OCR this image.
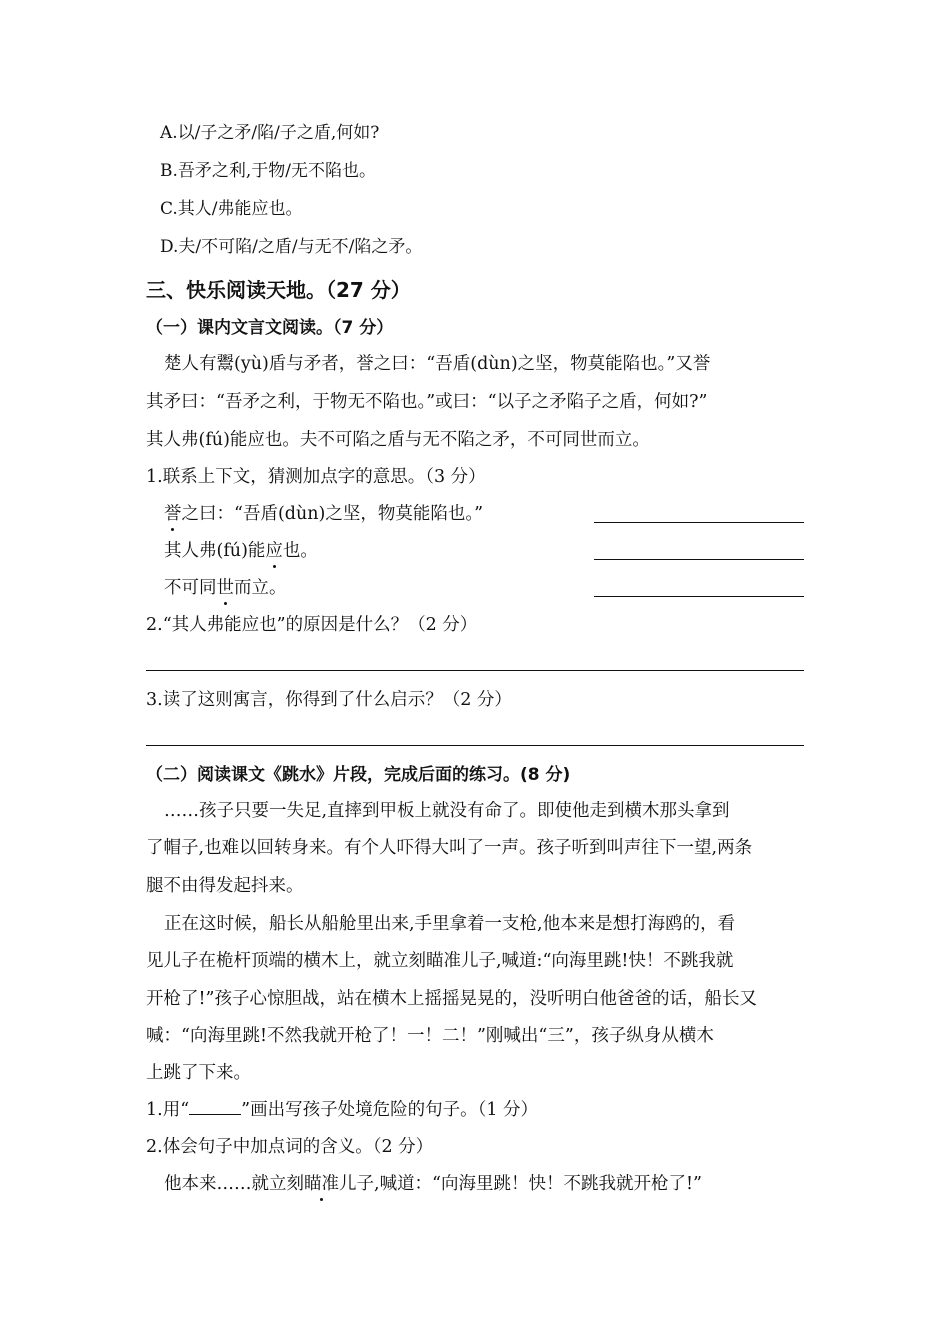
A.以/子之矛/陷/子之盾,何如?
B.吾矛之利,于物/无不陷也。
C.其人/弗能应也。
D.夫/不可陷/之盾/与无不/陷之矛。
三、快乐阅读天地。（27 分）
（一）课内文言文阅读。（7 分）
楚人有鬻(yù)盾与矛者，誉之曰：“吾盾(dùn)之坚，物莫能陷也。”又誉
其矛曰：“吾矛之利，于物无不陷也。”或曰：“以子之矛陷子之盾，何如?”
其人弗(fú)能应也。夫不可陷之盾与无不陷之矛，不可同世而立。
1.联系上下文，猜测加点字的意思。（3 分）
誉之曰：“吾盾(dùn)之坚，物莫能陷也。”
其人弗(fú)能应也。
不可同世而立。
2.“其人弗能应也”的原因是什么？（2 分）
3.读了这则寓言，你得到了什么启示？（2 分）
（二）阅读课文《跳水》片段，完成后面的练习。(8 分)
……孩子只要一失足,直摔到甲板上就没有命了。即使他走到横木那头拿到
了帽子,也难以回转身来。有个人吓得大叫了一声。孩子听到叫声往下一望,两条
腿不由得发起抖来。
正在这时候，船长从船舱里出来,手里拿着一支枪,他本来是想打海鸥的，看
见儿子在桅杆顶端的横木上，就立刻瞄准儿子,喊道:“向海里跳!快！不跳我就
开枪了!”孩子心惊胆战，站在横木上摇摇晃晃的，没听明白他爸爸的话，船长又
喊：“向海里跳!不然我就开枪了！一！二！”刚喊出“三”，孩子纵身从横木
上跳了下来。
1.用“	”画出写孩子处境危险的句子。（1 分）
2.体会句子中加点词的含义。（2 分）
他本来……就立刻瞄准儿子,喊道：“向海里跳！快！不跳我就开枪了!”
